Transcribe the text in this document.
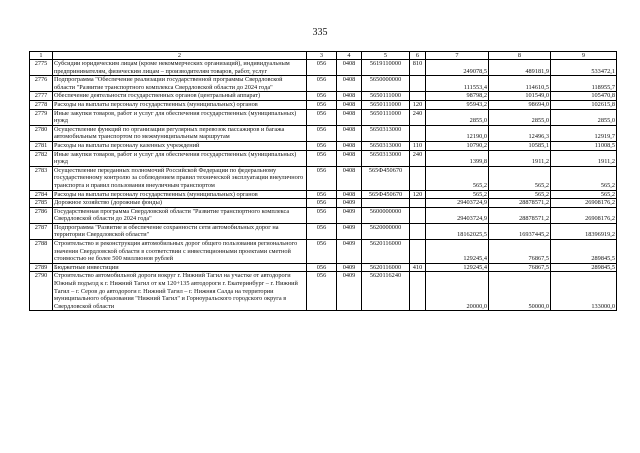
335
1	2	3	4	5	6	7	8	9
2775	Субсидии юридическим лицам (кроме некоммерческих организаций), индивидуальным предпринимателям, физическим лицам – производителям товаров, работ, услуг	056	0408	5619110000	810	249078,5	489181,9	533472,1
2776	Подпрограмма "Обеспечение реализации государственной программы Свердловской области "Развитие транспортного комплекса Свердловской области до 2024 года"	056	0408	5650000000		111553,4	114610,5	118955,7
2777	Обеспечение деятельности государственных органов (центральный аппарат)	056	0408	5650111000		98798,2	101549,0	105470,8
2778	Расходы на выплаты персоналу государственных (муниципальных) органов	056	0408	5650111000	120	95943,2	98694,0	102615,8
2779	Иные закупки товаров, работ и услуг для обеспечения государственных (муниципальных) нужд	056	0408	5650111000	240	2855,0	2855,0	2855,0
2780	Осуществление функций по организации регулярных перевозок пассажиров и багажа автомобильным транспортом по межмуниципальным маршрутам	056	0408	5650313000		12190,0	12496,3	12919,7
2781	Расходы на выплаты персоналу казенных учреждений	056	0408	5650313000	110	10790,2	10585,1	11008,5
2782	Иные закупки товаров, работ и услуг для обеспечения государственных (муниципальных) нужд	056	0408	5650313000	240	1399,8	1911,2	1911,2
2783	Осуществление переданных полномочий Российской Федерации по федеральному государственному контролю за соблюдением правил технической эксплуатации внеуличного транспорта и правил пользования внеуличным транспортом	056	0408	565Ф450670		565,2	565,2	565,2
2784	Расходы на выплаты персоналу государственных (муниципальных) органов	056	0408	565Ф450670	120	565,2	565,2	565,2
2785	Дорожное хозяйство (дорожные фонды)	056	0409			29403724,9	28878571,2	26908176,2
2786	Государственная программа Свердловской области "Развитие транспортного комплекса Свердловской области до 2024 года"	056	0409	5600000000		29403724,9	28878571,2	26908176,2
2787	Подпрограмма "Развитие и обеспечение сохранности сети автомобильных дорог на территории Свердловской области"	056	0409	5620000000		18162025,5	16937445,2	18396919,2
2788	Строительство и реконструкция автомобильных дорог общего пользования регионального значения Свердловской области в соответствии с инвестиционными проектами сметной стоимостью не более 500 миллионов рублей	056	0409	5620116000		129245,4	76867,5	289845,5
2789	Бюджетные инвестиции	056	0409	5620116000	410	129245,4	76867,5	289845,5
2790	Строительство автомобильной дороги вокруг г. Нижний Тагил на участке от автодороги Южный подъезд к г. Нижний Тагил от км 120+135 автодороги г. Екатеринбург – г. Нижний Тагил – г. Серов до автодороги г. Нижний Тагил – г. Нижняя Салда на территории муниципального образования "Нижний Тагил" и Горноуральского городского округа в Свердловской области	056	0409	5620116240		20000,0	50000,0	133000,0
